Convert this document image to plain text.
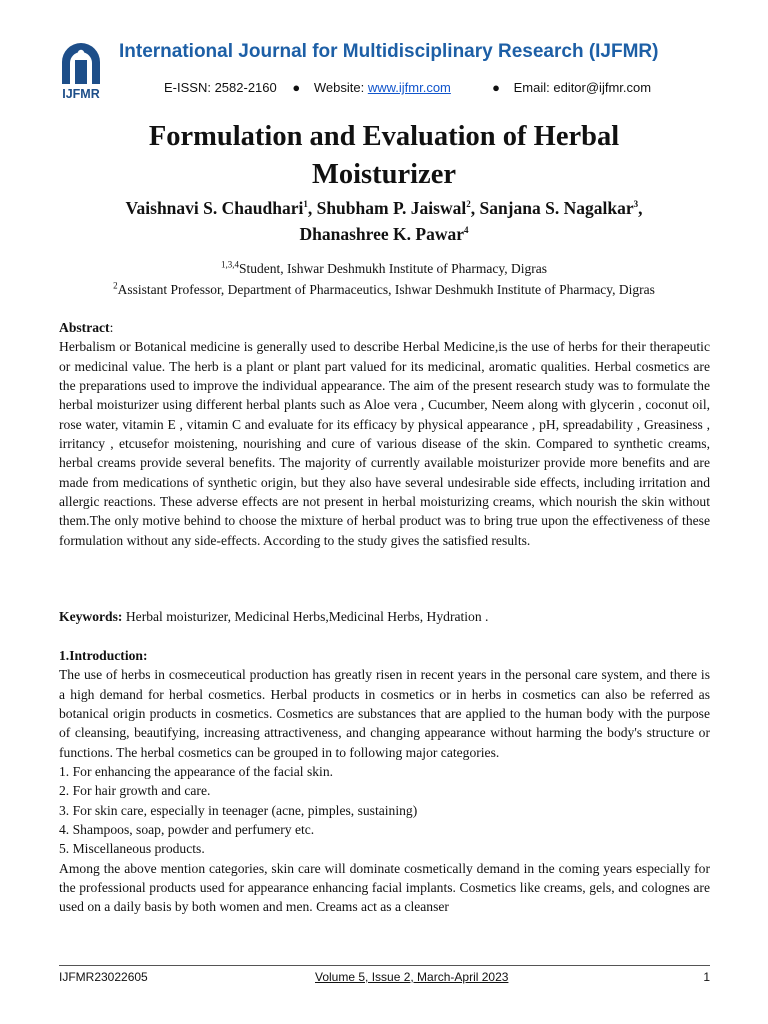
IJFMR
International Journal for Multidisciplinary Research (IJFMR)
E-ISSN: 2582-2160 ● Website: www.ijfmr.com	● Email: editor@ijfmr.com
Formulation and Evaluation of Herbal
Moisturizer
Vaishnavi S. Chaudhari$^1$, Shubham P. Jaiswal$^2$, Sanjana S. Nagalkar$^3$,
Dhanashree K. Pawar$^4$
$^{1,3,4}$Student, Ishwar Deshmukh Institute of Pharmacy, Digras
$^2$Assistant Professor, Department of Pharmaceutics, Ishwar Deshmukh Institute of Pharmacy, Digras
Abstract:
Herbalism or Botanical medicine is generally used to describe Herbal Medicine,is the use of herbs for their therapeutic or medicinal value. The herb is a plant or plant part valued for its medicinal, aromatic qualities. Herbal cosmetics are the preparations used to improve the individual appearance. The aim of the present research study was to formulate the herbal moisturizer using different herbal plants such as Aloe vera , Cucumber, Neem along with glycerin , coconut oil, rose water, vitamin E , vitamin C and evaluate for its efficacy by physical appearance , pH, spreadability , Greasiness , irritancy , etcusefor moistening, nourishing and cure of various disease of the skin. Compared to synthetic creams, herbal creams provide several benefits. The majority of currently available moisturizer provide more benefits and are made from medications of synthetic origin, but they also have several undesirable side effects, including irritation and allergic reactions. These adverse effects are not present in herbal moisturizing creams, which nourish the skin without them.The only motive behind to choose the mixture of herbal product was to bring true upon the effectiveness of these formulation without any side-effects. According to the study gives the satisfied results.
Keywords: Herbal moisturizer, Medicinal Herbs,Medicinal Herbs, Hydration .
1.Introduction:
The use of herbs in cosmeceutical production has greatly risen in recent years in the personal care system, and there is a high demand for herbal cosmetics. Herbal products in cosmetics or in herbs in cosmetics can also be referred as botanical origin products in cosmetics. Cosmetics are substances that are applied to the human body with the purpose of cleansing, beautifying, increasing attractiveness, and changing appearance without harming the body's structure or functions. The herbal cosmetics can be grouped in to following major categories.
1. For enhancing the appearance of the facial skin.
2. For hair growth and care.
3. For skin care, especially in teenager (acne, pimples, sustaining)
4. Shampoos, soap, powder and perfumery etc.
5. Miscellaneous products.
Among the above mention categories, skin care will dominate cosmetically demand in the coming years especially for the professional products used for appearance enhancing facial implants. Cosmetics like creams, gels, and colognes are used on a daily basis by both women and men. Creams act as a cleanser
IJFMR23022605	Volume 5, Issue 2, March-April 2023	1
